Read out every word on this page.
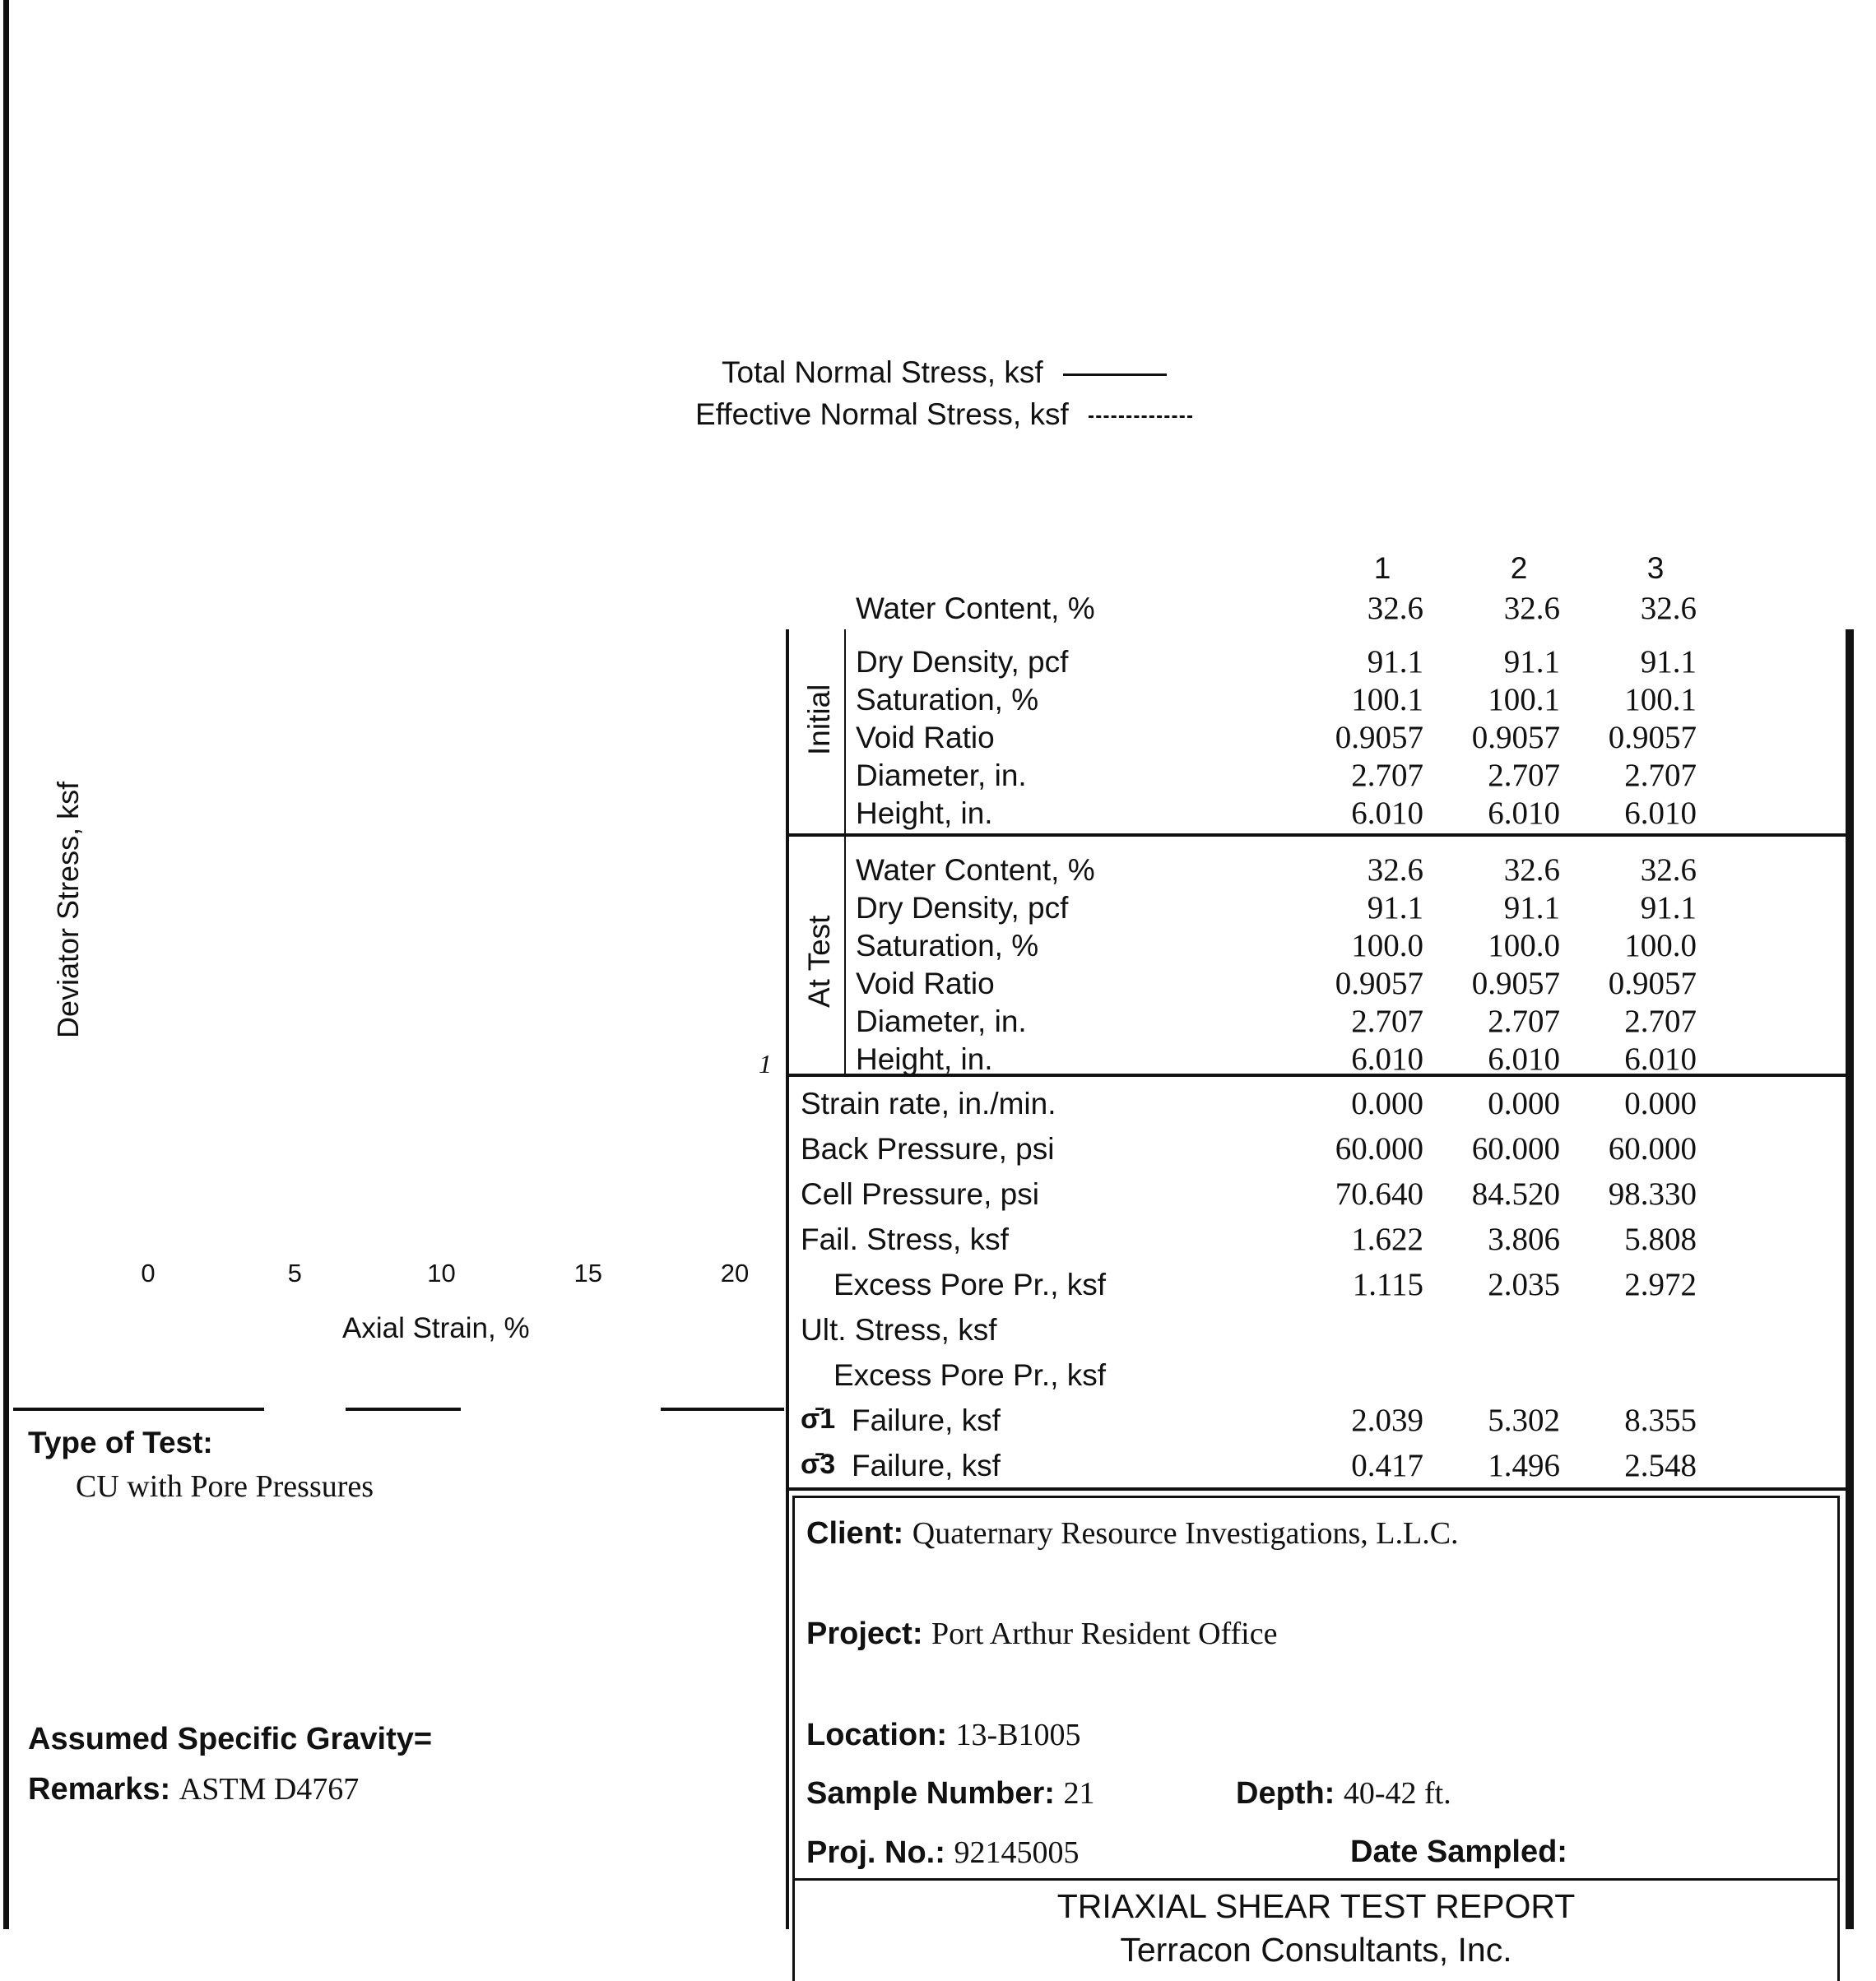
Total Normal Stress, ksf
Effective Normal Stress, ksf
Deviator Stress, ksf
0	5	10	15	20
Axial Strain, %
1
1	2	3
Initial
Water Content, %	32.6	32.6	32.6
Dry Density, pcf	91.1	91.1	91.1
Saturation, %	100.1	100.1	100.1
Void Ratio	0.9057	0.9057	0.9057
Diameter, in.	2.707	2.707	2.707
Height, in.	6.010	6.010	6.010
At Test
Water Content, %	32.6	32.6	32.6
Dry Density, pcf	91.1	91.1	91.1
Saturation, %	100.0	100.0	100.0
Void Ratio	0.9057	0.9057	0.9057
Diameter, in.	2.707	2.707	2.707
Height, in.	6.010	6.010	6.010
Strain rate, in./min.	0.000	0.000	0.000
Back Pressure, psi	60.000	60.000	60.000
Cell Pressure, psi	70.640	84.520	98.330
Fail. Stress, ksf	1.622	3.806	5.808
Excess Pore Pr., ksf	1.115	2.035	2.972
Ult. Stress, ksf
Excess Pore Pr., ksf
σ̄1 Failure, ksf	2.039	5.302	8.355
σ̄3 Failure, ksf	0.417	1.496	2.548
Type of Test:
CU with Pore Pressures
Assumed Specific Gravity=
Remarks: ASTM D4767
Client: Quaternary Resource Investigations, L.L.C.
Project: Port Arthur Resident Office
Location: 13-B1005
Sample Number: 21	Depth: 40-42 ft.
Proj. No.: 92145005	Date Sampled:
TRIAXIAL SHEAR TEST REPORT
Terracon Consultants, Inc.
